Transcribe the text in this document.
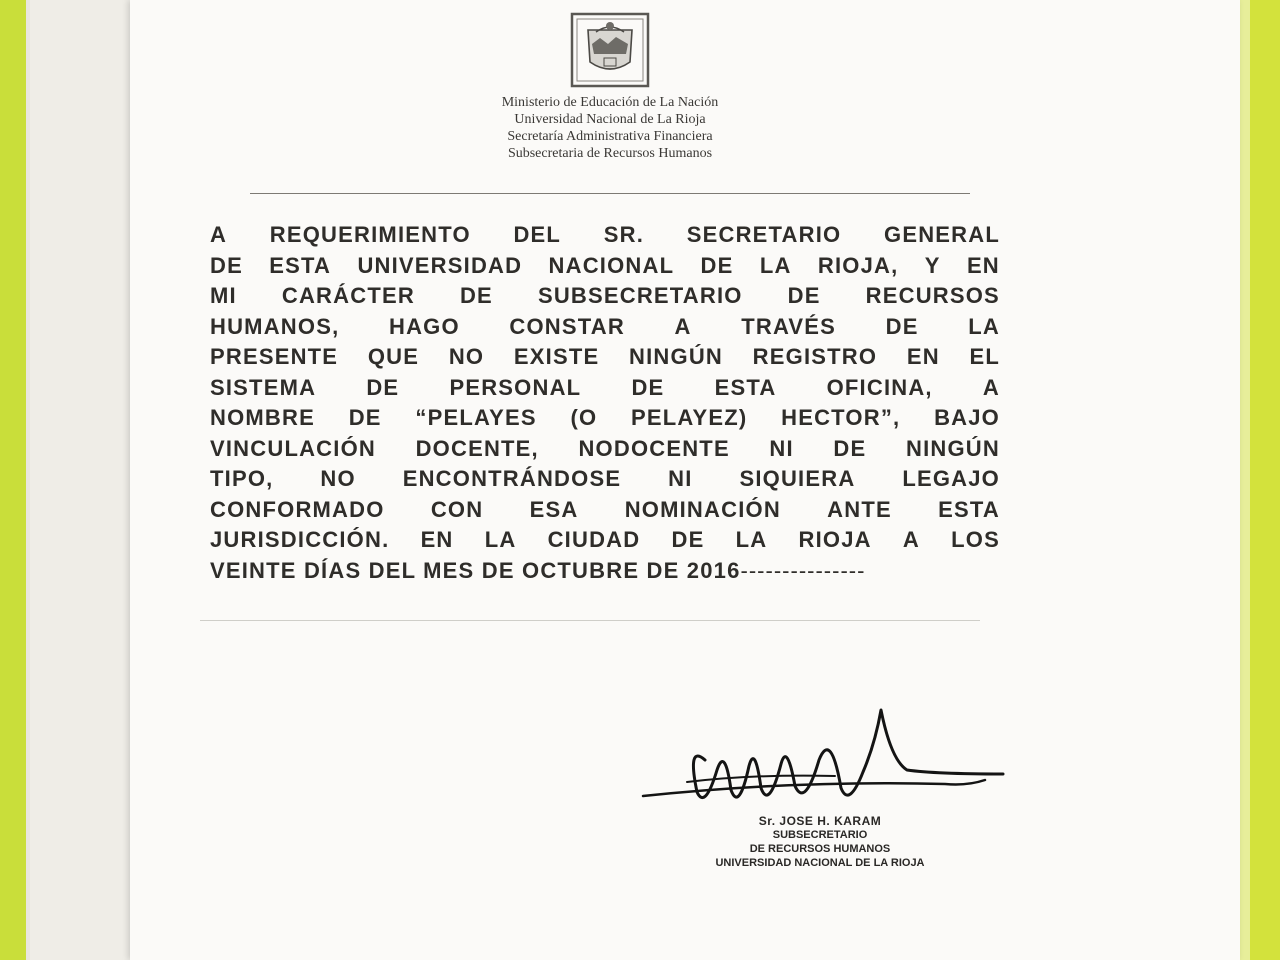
Ministerio de Educación de La Nación
Universidad Nacional de La Rioja
Secretaría Administrativa Financiera
Subsecretaria de Recursos Humanos
A REQUERIMIENTO DEL SR. SECRETARIO GENERAL
DE ESTA UNIVERSIDAD NACIONAL DE LA RIOJA, Y EN
MI CARÁCTER DE SUBSECRETARIO DE RECURSOS
HUMANOS, HAGO CONSTAR A TRAVÉS DE LA
PRESENTE QUE NO EXISTE NINGÚN REGISTRO EN EL
SISTEMA DE PERSONAL DE ESTA OFICINA, A
NOMBRE DE “PELAYES (O PELAYEZ) HECTOR”, BAJO
VINCULACIÓN DOCENTE, NODOCENTE NI DE NINGÚN
TIPO, NO ENCONTRÁNDOSE NI SIQUIERA LEGAJO
CONFORMADO CON ESA NOMINACIÓN ANTE ESTA
JURISDICCIÓN. EN LA CIUDAD DE LA RIOJA A LOS
VEINTE DÍAS DEL MES DE OCTUBRE DE 2016 ---------------
Sr. JOSE H. KARAM
SUBSECRETARIO
DE RECURSOS HUMANOS
UNIVERSIDAD NACIONAL DE LA RIOJA
